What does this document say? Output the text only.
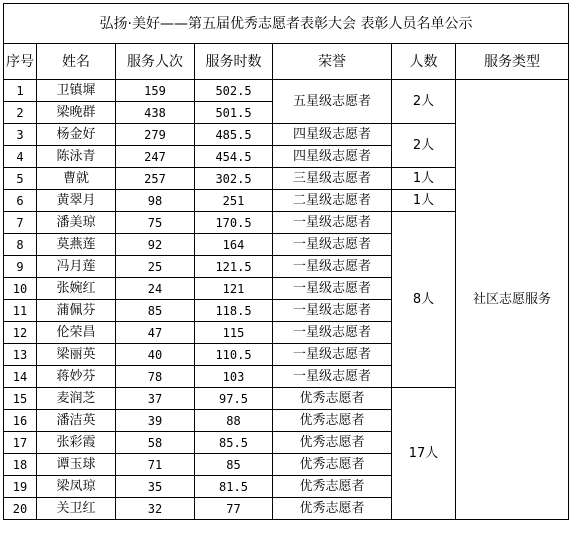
弘扬·美好——第五届优秀志愿者表彰大会 表彰人员名单公示						
序号	姓名	服务人次	服务时数	荣誉	人数	服务类型
1	卫镇墀	159	502.5	五星级志愿者	2人	社区志愿服务
2	梁晚群	438	501.5			
3	杨金好	279	485.5	四星级志愿者	2人	
4	陈泳青	247	454.5	四星级志愿者		
5	曹就	257	302.5	三星级志愿者	1人	
6	黄翠月	98	251	二星级志愿者	1人	
7	潘美琼	75	170.5	一星级志愿者	8人	
8	莫燕莲	92	164	一星级志愿者		
9	冯月莲	25	121.5	一星级志愿者		
10	张婉红	24	121	一星级志愿者		
11	蒲佩芬	85	118.5	一星级志愿者		
12	伦荣昌	47	115	一星级志愿者		
13	梁丽英	40	110.5	一星级志愿者		
14	蒋妙芬	78	103	一星级志愿者		
15	麦润芝	37	97.5	优秀志愿者	17人	
16	潘洁英	39	88	优秀志愿者		
17	张彩霞	58	85.5	优秀志愿者		
18	谭玉球	71	85	优秀志愿者		
19	梁凤琼	35	81.5	优秀志愿者		
20	关卫红	32	77	优秀志愿者		
